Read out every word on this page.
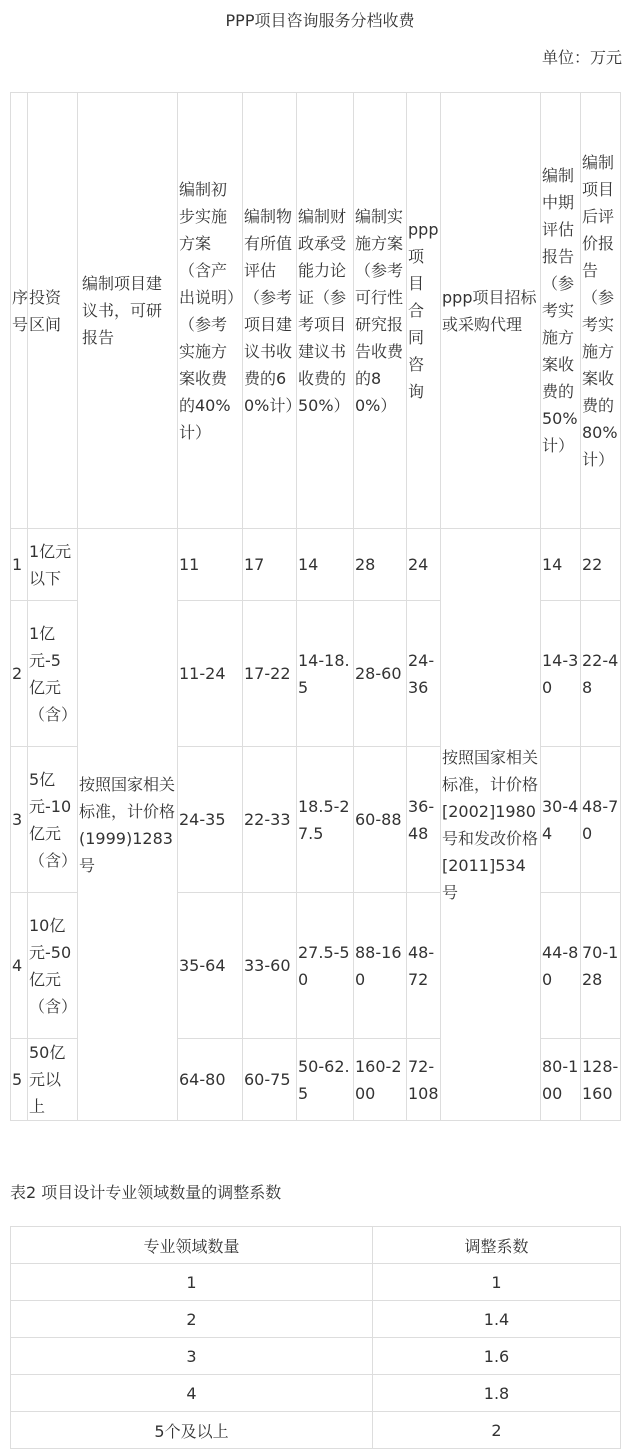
PPP项目咨询服务分档收费
单位：万元
序号	投资区间	编制项目建议书，可研报告	编制初步实施方案（含产出说明）（参考实施方案收费的40%计）	编制物有所值评估（参考项目建议书收费的60%计）	编制财政承受能力论证（参考项目建议书收费的50%）	编制实施方案（参考可行性研究报告收费的80%）	ppp项目合同咨询	ppp项目招标或采购代理	编制中期评估报告（参考实施方案收费的50%计）	编制项目后评价报告（参考实施方案收费的80%计）
1	1亿元以下	按照国家相关标准，计价格(1999)1283号	11	17	14	28	24	按照国家相关标准，计价格[2002]1980号和发改价格[2011]534号	14	22
2	1亿元-5亿元（含）		11-24	17-22	14-18.5	28-60	24-36		14-30	22-48
3	5亿元-10亿元（含）		24-35	22-33	18.5-27.5	60-88	36-48		30-44	48-70
4	10亿元-50亿元（含）		35-64	33-60	27.5-50	88-160	48-72		44-80	70-128
5	50亿元以上		64-80	60-75	50-62.5	160-200	72-108		80-100	128-160
表2 项目设计专业领域数量的调整系数
专业领域数量	调整系数
1	1
2	1.4
3	1.6
4	1.8
5个及以上	2
